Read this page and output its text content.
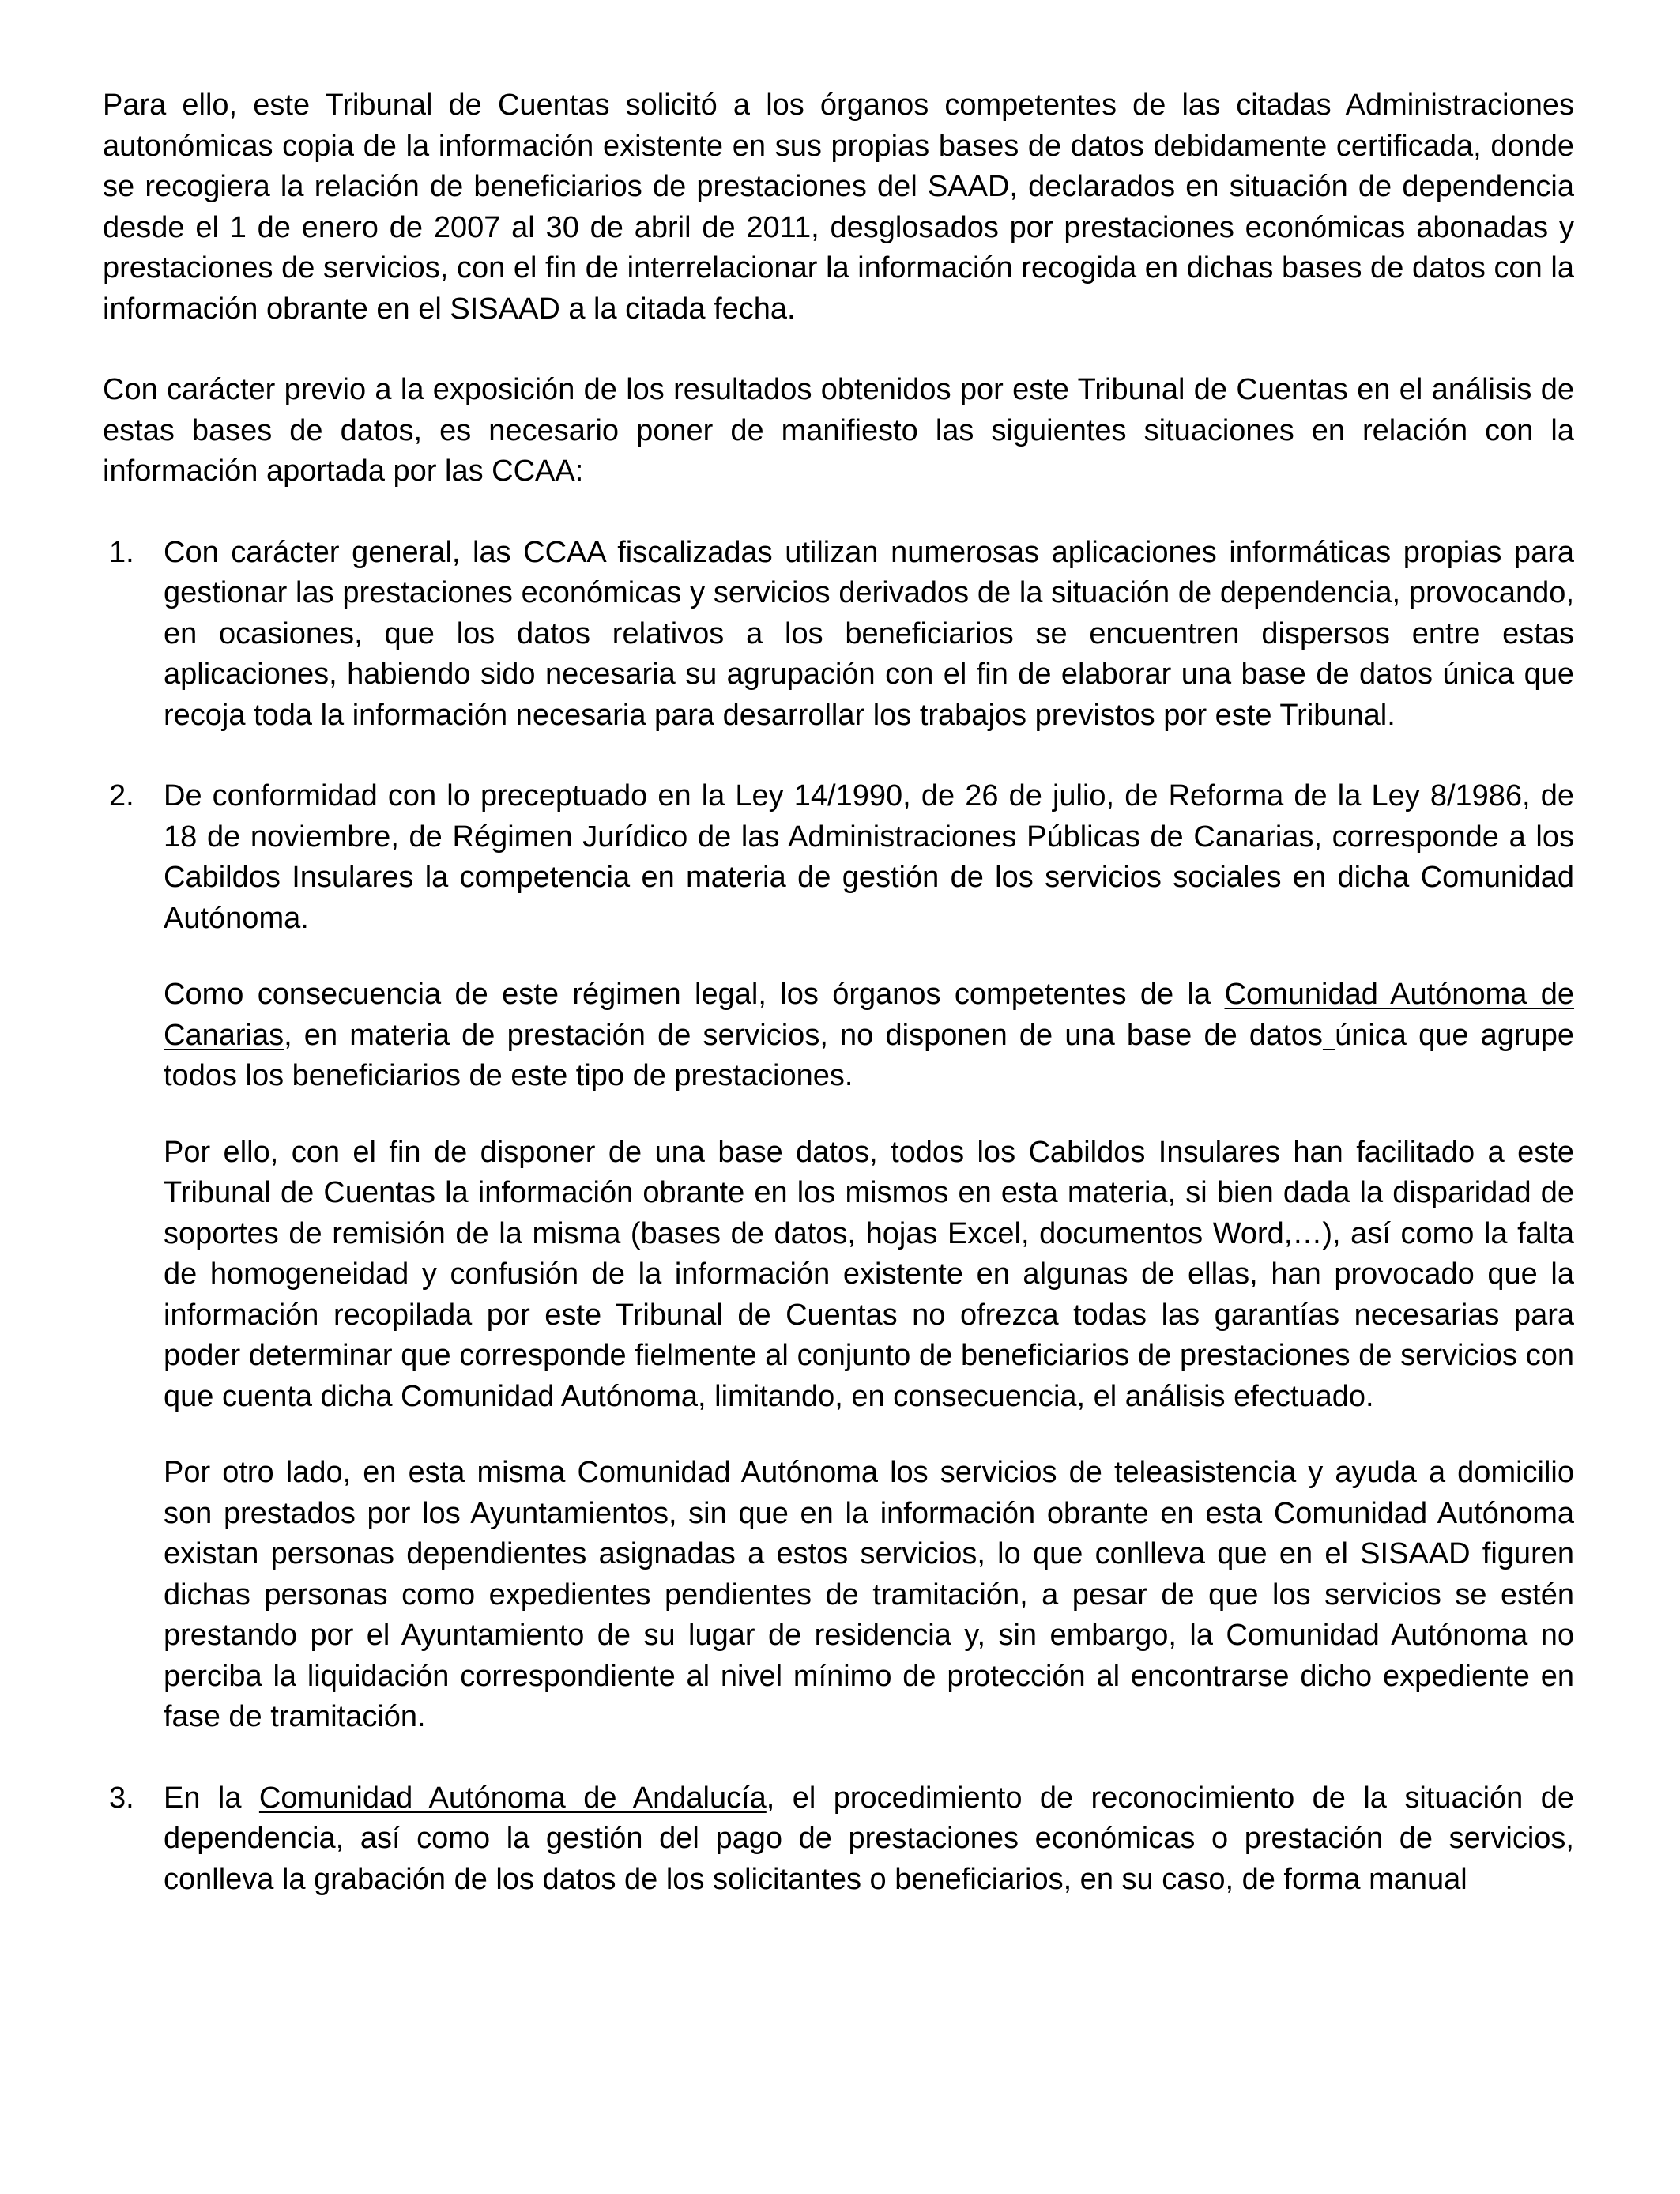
Para ello, este Tribunal de Cuentas solicitó a los órganos competentes de las citadas Administraciones autonómicas copia de la información existente en sus propias bases de datos debidamente certificada, donde se recogiera la relación de beneficiarios de prestaciones del SAAD, declarados en situación de dependencia desde el 1 de enero de 2007 al 30 de abril de 2011, desglosados por prestaciones económicas abonadas y prestaciones de servicios, con el fin de interrelacionar la información recogida en dichas bases de datos con la información obrante en el SISAAD a la citada fecha.

Con carácter previo a la exposición de los resultados obtenidos por este Tribunal de Cuentas en el análisis de estas bases de datos, es necesario poner de manifiesto las siguientes situaciones en relación con la información aportada por las CCAA:

1. Con carácter general, las CCAA fiscalizadas utilizan numerosas aplicaciones informáticas propias para gestionar las prestaciones económicas y servicios derivados de la situación de dependencia, provocando, en ocasiones, que los datos relativos a los beneficiarios se encuentren dispersos entre estas aplicaciones, habiendo sido necesaria su agrupación con el fin de elaborar una base de datos única que recoja toda la información necesaria para desarrollar los trabajos previstos por este Tribunal.

2. De conformidad con lo preceptuado en la Ley 14/1990, de 26 de julio, de Reforma de la Ley 8/1986, de 18 de noviembre, de Régimen Jurídico de las Administraciones Públicas de Canarias, corresponde a los Cabildos Insulares la competencia en materia de gestión de los servicios sociales en dicha Comunidad Autónoma.

Como consecuencia de este régimen legal, los órganos competentes de la Comunidad Autónoma de Canarias, en materia de prestación de servicios, no disponen de una base de datos única que agrupe todos los beneficiarios de este tipo de prestaciones.

Por ello, con el fin de disponer de una base datos, todos los Cabildos Insulares han facilitado a este Tribunal de Cuentas la información obrante en los mismos en esta materia, si bien dada la disparidad de soportes de remisión de la misma (bases de datos, hojas Excel, documentos Word,…), así como la falta de homogeneidad y confusión de la información existente en algunas de ellas, han provocado que la información recopilada por este Tribunal de Cuentas no ofrezca todas las garantías necesarias para poder determinar que corresponde fielmente al conjunto de beneficiarios de prestaciones de servicios con que cuenta dicha Comunidad Autónoma, limitando, en consecuencia, el análisis efectuado.

Por otro lado, en esta misma Comunidad Autónoma los servicios de teleasistencia y ayuda a domicilio son prestados por los Ayuntamientos, sin que en la información obrante en esta Comunidad Autónoma existan personas dependientes asignadas a estos servicios, lo que conlleva que en el SISAAD figuren dichas personas como expedientes pendientes de tramitación, a pesar de que los servicios se estén prestando por el Ayuntamiento de su lugar de residencia y, sin embargo, la Comunidad Autónoma no perciba la liquidación correspondiente al nivel mínimo de protección al encontrarse dicho expediente en fase de tramitación.

3. En la Comunidad Autónoma de Andalucía, el procedimiento de reconocimiento de la situación de dependencia, así como la gestión del pago de prestaciones económicas o prestación de servicios, conlleva la grabación de los datos de los solicitantes o beneficiarios, en su caso, de forma manual
